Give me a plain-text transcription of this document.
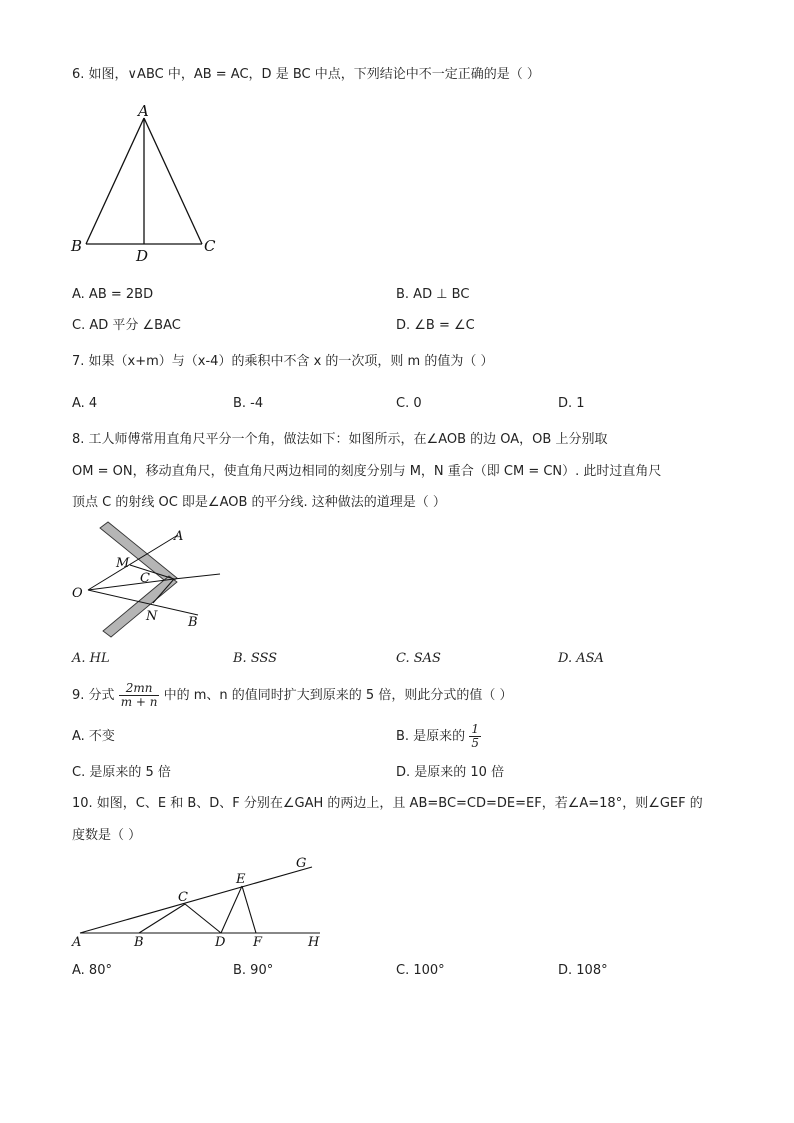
6. 如图，∨ABC 中，AB = AC，D 是 BC 中点，下列结论中不一定正确的是（ ）
A
B	C
D
A. AB = 2BD	B. AD ⊥ BC
C. AD 平分 ∠BAC	D. ∠B = ∠C
7. 如果（x+m）与（x-4）的乘积中不含 x 的一次项，则 m 的值为（ ）
A. 4	B. -4	C. 0	D. 1
8. 工人师傅常用直角尺平分一个角，做法如下：如图所示，在∠AOB 的边 OA，OB 上分别取
OM = ON，移动直角尺，使直角尺两边相同的刻度分别与 M，N 重合（即 CM = CN）. 此时过直角尺
顶点 C 的射线 OC 即是∠AOB 的平分线. 这种做法的道理是（ ）
A
M
C
O
N B
A. HL	B. SSS	C. SAS	D. ASA
9. 分式 $\frac{2mn}{m + n}$ 中的 m、n 的值同时扩大到原来的 5 倍，则此分式的值（ ）
A. 不变	B. 是原来的 $\frac{1}{5}$
C. 是原来的 5 倍	D. 是原来的 10 倍
10. 如图，C、E 和 B、D、F 分别在∠GAH 的两边上，且 AB=BC=CD=DE=EF，若∠A=18°，则∠GEF 的
度数是（ ）
G
E
C
A	B	D F	H
A. 80°	B. 90°	C. 100°	D. 108°
